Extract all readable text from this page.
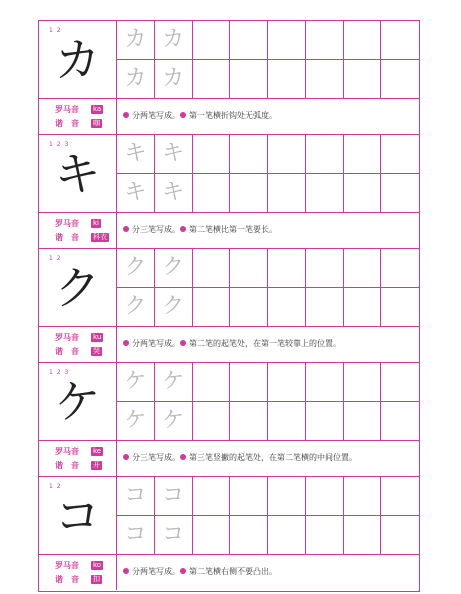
1 2
カ	カ カ
カ カ
罗马音 ka
谐　音 咖
分两笔写成。 第一笔横折钩处无弧度。
1 2 3
キ	キ キ
キ キ
罗马音 ki
谐　音 科衣
分三笔写成。 第二笔横比第一笔要长。
1 2
ク	ク ク
ク ク
罗马音 ku
谐　音 哭
分两笔写成。 第二笔的起笔处，在第一笔较靠上的位置。
1 2 3
ケ	ケ ケ
ケ ケ
罗马音 ke
谐　音 开
分三笔写成。 第三笔竖撇的起笔处，在第二笔横的中间位置。
1 2
コ	コ コ
コ コ
罗马音 ko
谐　音 扣
分两笔写成。 第二笔横右侧不要凸出。
